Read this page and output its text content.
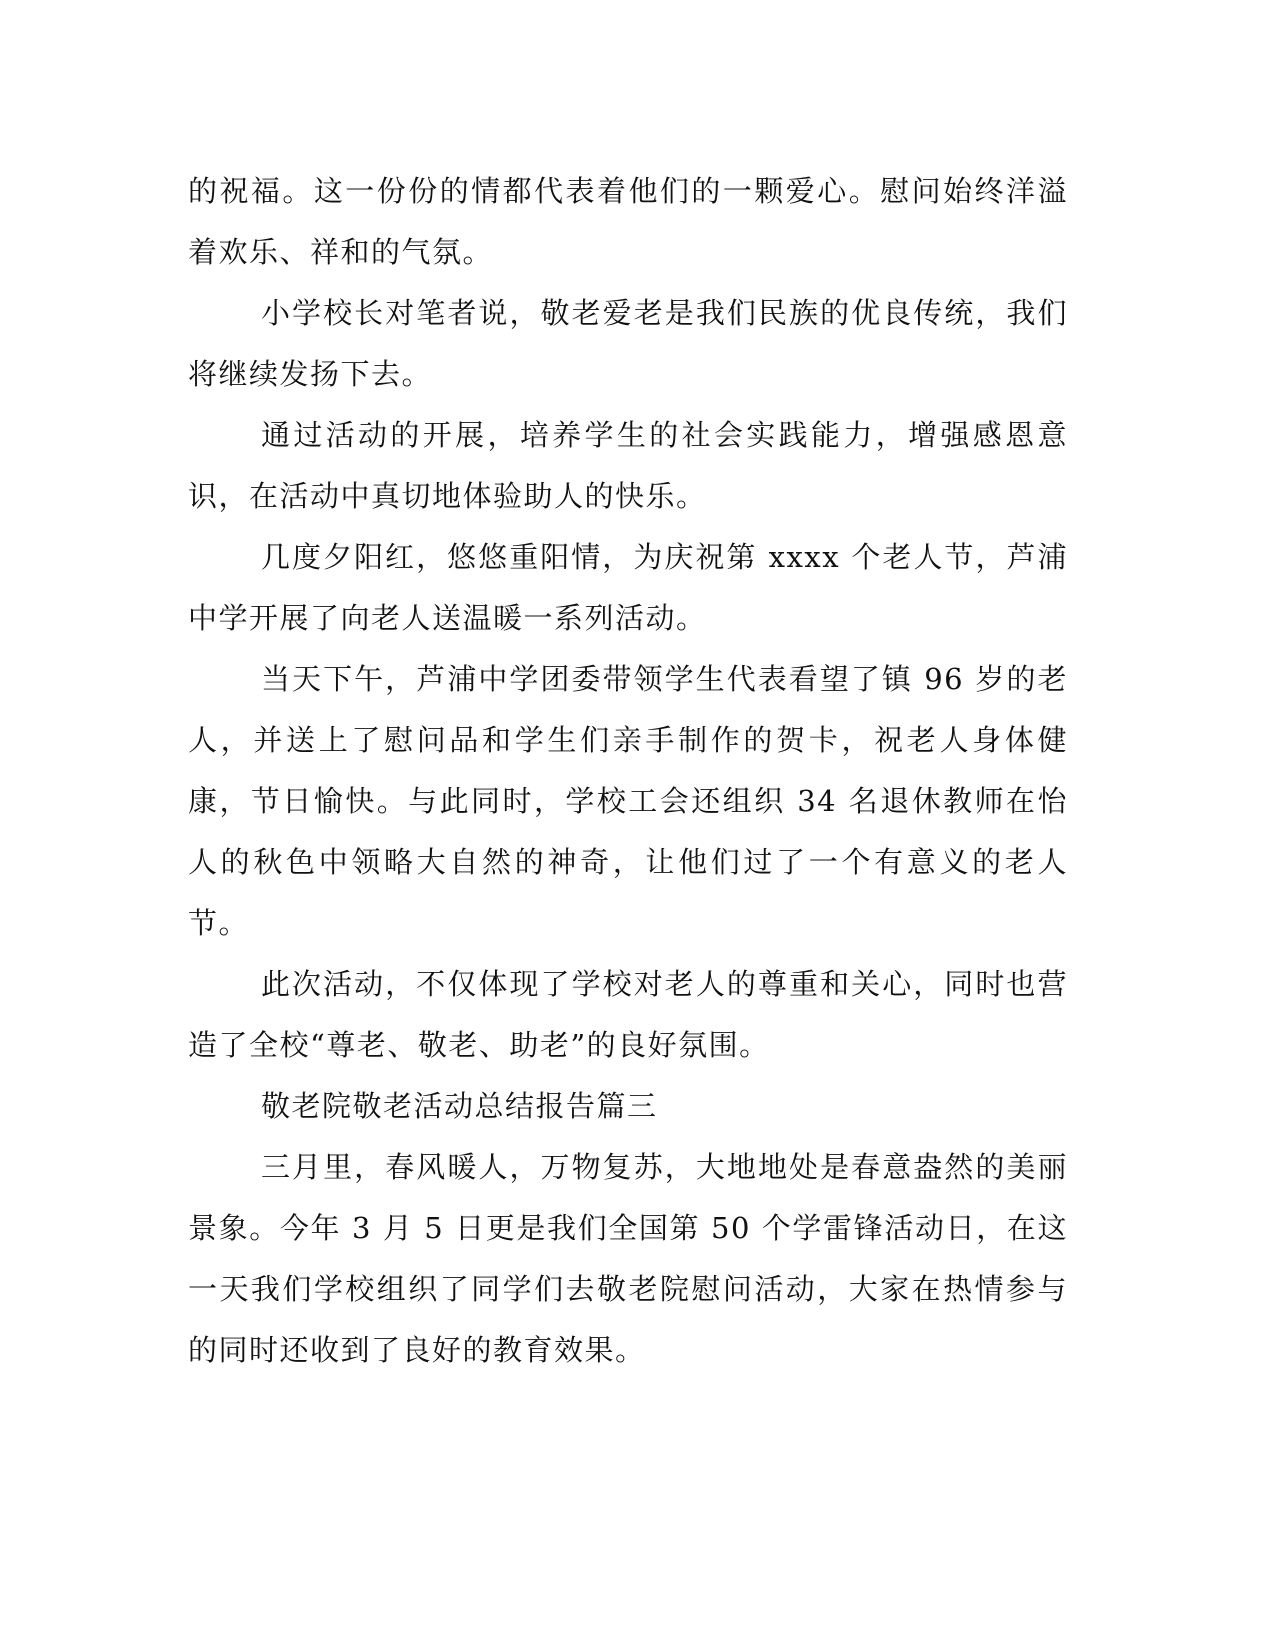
的祝福。这一份份的情都代表着他们的一颗爱心。慰问始终洋溢着欢乐、祥和的气氛。

小学校长对笔者说，敬老爱老是我们民族的优良传统，我们将继续发扬下去。

通过活动的开展，培养学生的社会实践能力，增强感恩意识，在活动中真切地体验助人的快乐。

几度夕阳红，悠悠重阳情，为庆祝第 xxxx 个老人节，芦浦中学开展了向老人送温暖一系列活动。

当天下午，芦浦中学团委带领学生代表看望了镇 96 岁的老人，并送上了慰问品和学生们亲手制作的贺卡，祝老人身体健康，节日愉快。与此同时，学校工会还组织 34 名退休教师在怡人的秋色中领略大自然的神奇，让他们过了一个有意义的老人节。

此次活动，不仅体现了学校对老人的尊重和关心，同时也营造了全校“尊老、敬老、助老”的良好氛围。

敬老院敬老活动总结报告篇三

三月里，春风暖人，万物复苏，大地地处是春意盎然的美丽景象。今年 3 月 5 日更是我们全国第 50 个学雷锋活动日，在这一天我们学校组织了同学们去敬老院慰问活动，大家在热情参与的同时还收到了良好的教育效果。
